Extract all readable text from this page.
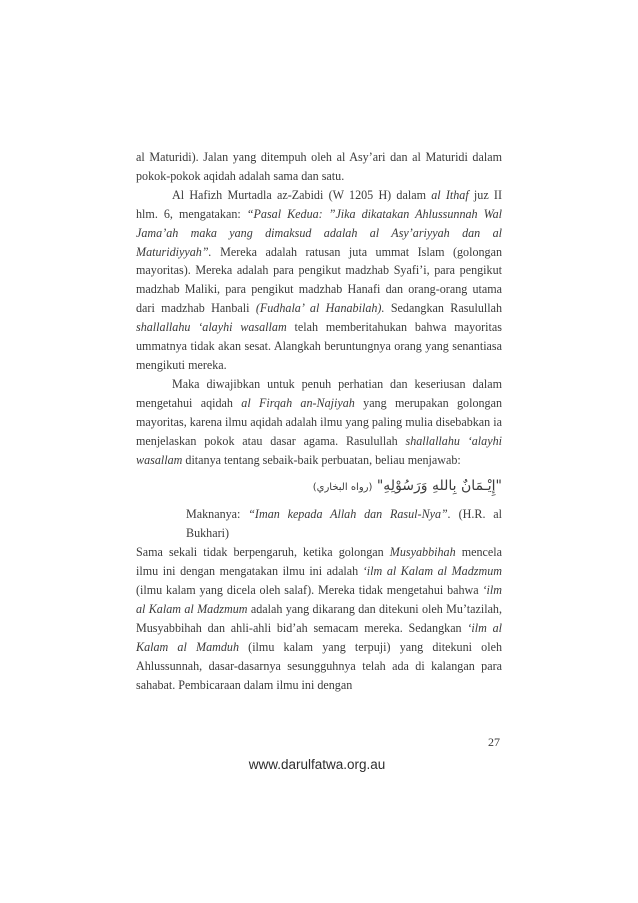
al Maturidi). Jalan yang ditempuh oleh al Asy’ari dan al Maturidi dalam pokok-pokok aqidah adalah sama dan satu.

Al Hafizh Murtadla az-Zabidi (W 1205 H) dalam al Ithaf juz II hlm. 6, mengatakan: “Pasal Kedua: ”Jika dikatakan Ahlussunnah Wal Jama’ah maka yang dimaksud adalah al Asy’ariyyah dan al Maturidiyyah”. Mereka adalah ratusan juta ummat Islam (golongan mayoritas). Mereka adalah para pengikut madzhab Syafi’i, para pengikut madzhab Maliki, para pengikut madzhab Hanafi dan orang-orang utama dari madzhab Hanbali (Fudhala’ al Hanabilah). Sedangkan Rasulullah shallallahu ‘alayhi wasallam telah memberitahukan bahwa mayoritas ummatnya tidak akan sesat. Alangkah beruntungnya orang yang senantiasa mengikuti mereka.

Maka diwajibkan untuk penuh perhatian dan keseriusan dalam mengetahui aqidah al Firqah an-Najiyah yang merupakan golongan mayoritas, karena ilmu aqidah adalah ilmu yang paling mulia disebabkan ia menjelaskan pokok atau dasar agama. Rasulullah shallallahu ‘alayhi wasallam ditanya tentang sebaik-baik perbuatan, beliau menjawab:

"إِيْـمَانٌ بِاللهِ وَرَسُوْلِهِ" (رواه البخاري)

Maknanya: “Iman kepada Allah dan Rasul-Nya”. (H.R. al Bukhari)

Sama sekali tidak berpengaruh, ketika golongan Musyabbihah mencela ilmu ini dengan mengatakan ilmu ini adalah ‘ilm al Kalam al Madzmum (ilmu kalam yang dicela oleh salaf). Mereka tidak mengetahui bahwa ‘ilm al Kalam al Madzmum adalah yang dikarang dan ditekuni oleh Mu’tazilah, Musyabbihah dan ahli-ahli bid’ah semacam mereka. Sedangkan ‘ilm al Kalam al Mamduh (ilmu kalam yang terpuji) yang ditekuni oleh Ahlussunnah, dasar-dasarnya sesungguhnya telah ada di kalangan para sahabat. Pembicaraan dalam ilmu ini dengan

27
www.darulfatwa.org.au
